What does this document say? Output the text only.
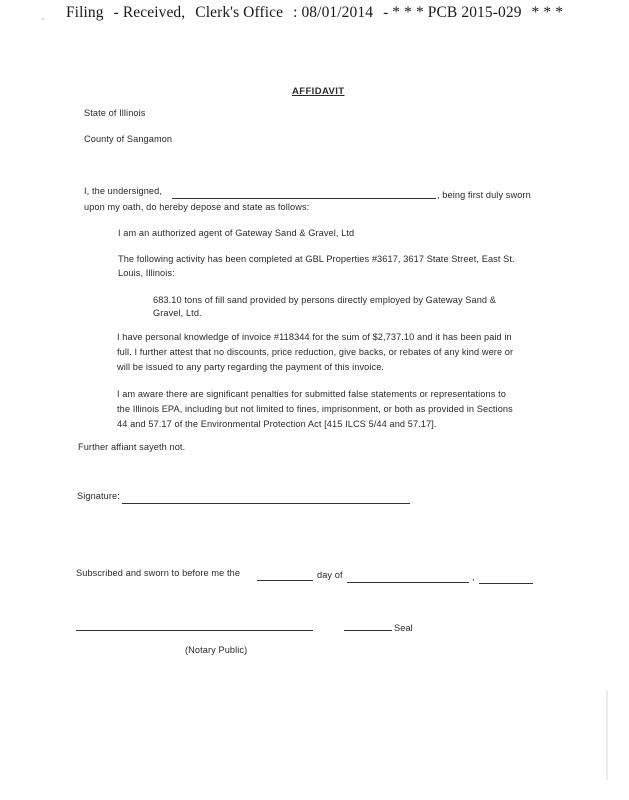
Filing - Received, Clerk's Office : 08/01/2014 - * * * PCB 2015-029 * * *
AFFIDAVIT
State of Illinois
County of Sangamon
I, the undersigned,	, being first duly sworn
upon my oath, do hereby depose and state as follows:
I am an authorized agent of Gateway Sand & Gravel, Ltd
The following activity has been completed at GBL Properties #3617, 3617 State Street, East St.
Louis, Illinois:
683.10 tons of fill sand provided by persons directly employed by Gateway Sand &
Gravel, Ltd.
I have personal knowledge of invoice #118344 for the sum of $2,737.10 and it has been paid in
full. I further attest that no discounts, price reduction, give backs, or rebates of any kind were or
will be issued to any party regarding the payment of this invoice.
I am aware there are significant penalties for submitted false statements or representations to
the Illinois EPA, including but not limited to fines, imprisonment, or both as provided in Sections
44 and 57.17 of the Environmental Protection Act [415 ILCS 5/44 and 57.17].
Further affiant sayeth not.
Signature:
Subscribed and sworn to before me the	day of	,
Seal
(Notary Public)
